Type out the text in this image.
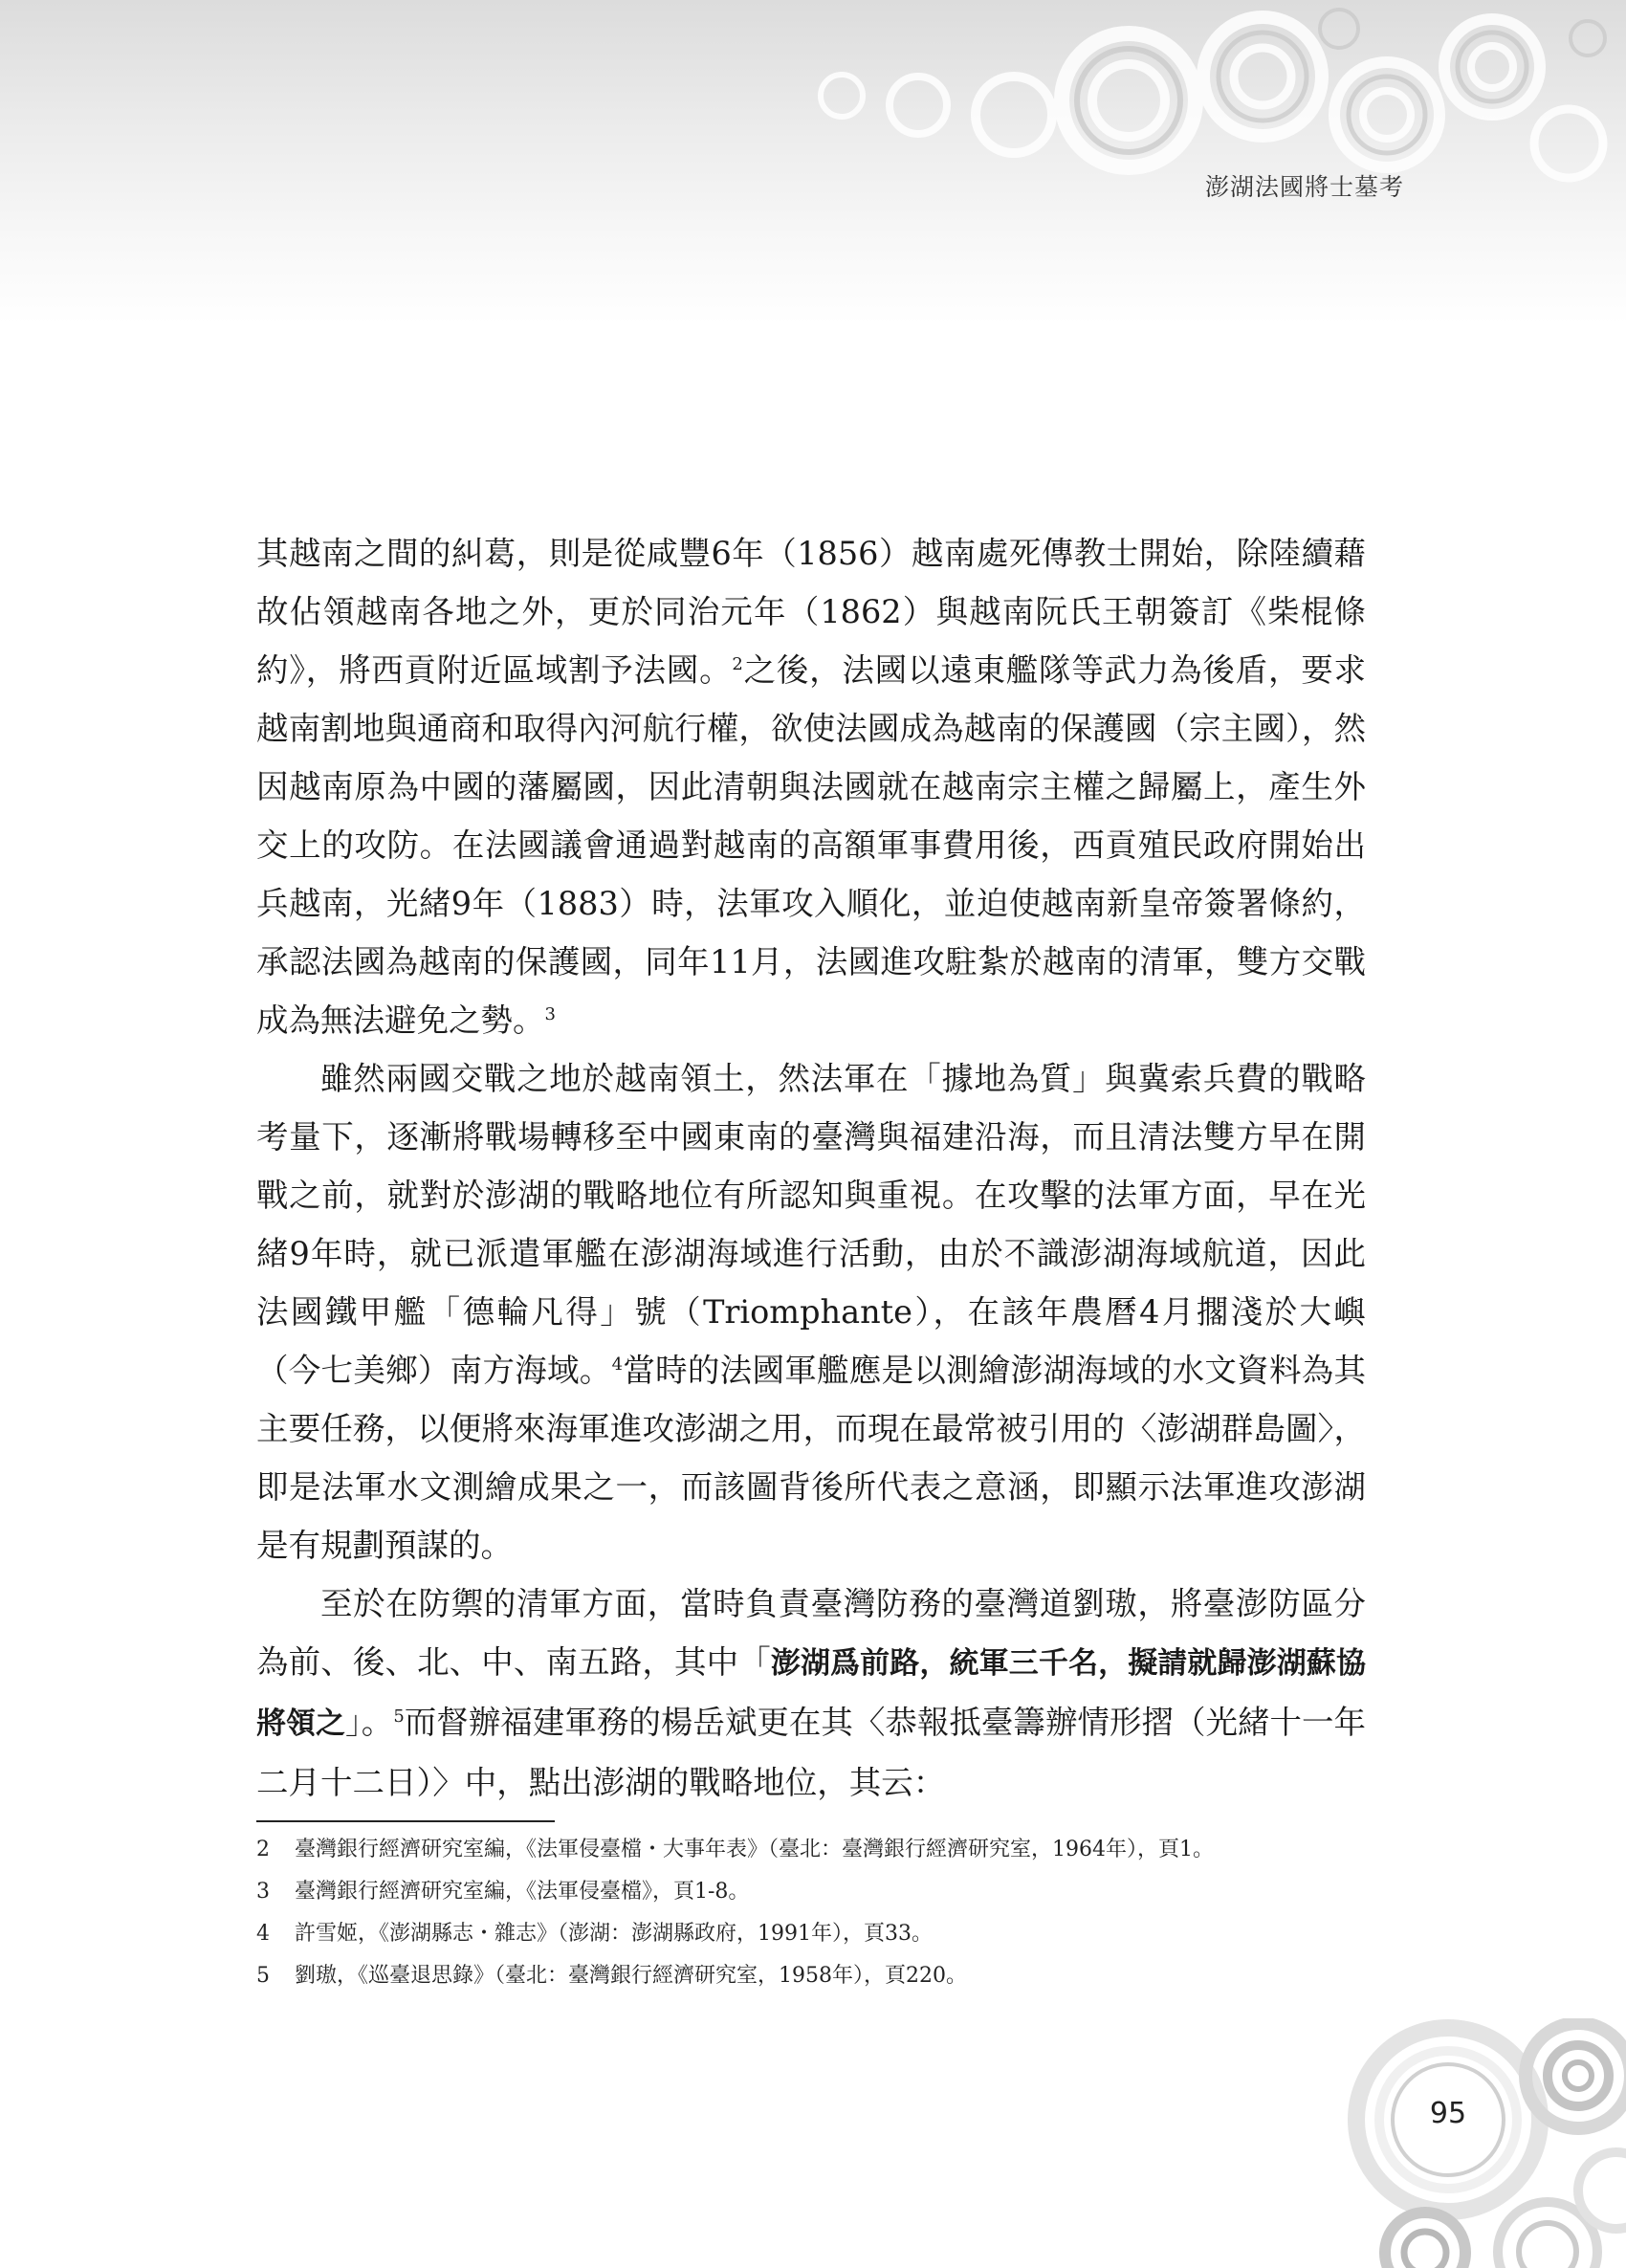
澎湖法國將士墓考

其越南之間的糾葛，則是從咸豐6年（1856）越南處死傳教士開始，除陸續藉故佔領越南各地之外，更於同治元年（1862）與越南阮氏王朝簽訂《柴棍條約》，將西貢附近區域割予法國。$^2$之後，法國以遠東艦隊等武力為後盾，要求越南割地與通商和取得內河航行權，欲使法國成為越南的保護國（宗主國），然因越南原為中國的藩屬國，因此清朝與法國就在越南宗主權之歸屬上，產生外交上的攻防。在法國議會通過對越南的高額軍事費用後，西貢殖民政府開始出兵越南，光緒9年（1883）時，法軍攻入順化，並迫使越南新皇帝簽署條約，承認法國為越南的保護國，同年11月，法國進攻駐紮於越南的清軍，雙方交戰成為無法避免之勢。$^3$

雖然兩國交戰之地於越南領土，然法軍在「據地為質」與冀索兵費的戰略考量下，逐漸將戰場轉移至中國東南的臺灣與福建沿海，而且清法雙方早在開戰之前，就對於澎湖的戰略地位有所認知與重視。在攻擊的法軍方面，早在光緒9年時，就已派遣軍艦在澎湖海域進行活動，由於不識澎湖海域航道，因此法國鐵甲艦「德輪凡得」號（Triomphante），在該年農曆4月擱淺於大嶼（今七美鄉）南方海域。$^4$當時的法國軍艦應是以測繪澎湖海域的水文資料為其主要任務，以便將來海軍進攻澎湖之用，而現在最常被引用的〈澎湖群島圖〉，即是法軍水文測繪成果之一，而該圖背後所代表之意涵，即顯示法軍進攻澎湖是有規劃預謀的。

至於在防禦的清軍方面，當時負責臺灣防務的臺灣道劉璈，將臺澎防區分為前、後、北、中、南五路，其中「澎湖爲前路，統軍三千名，擬請就歸澎湖蘇協將領之」。$^5$而督辦福建軍務的楊岳斌更在其〈恭報抵臺籌辦情形摺（光緒十一年二月十二日）〉中，點出澎湖的戰略地位，其云：

2	臺灣銀行經濟研究室編，《法軍侵臺檔・大事年表》（臺北：臺灣銀行經濟研究室，1964年），頁1。
3	臺灣銀行經濟研究室編，《法軍侵臺檔》，頁1-8。
4	許雪姬，《澎湖縣志・雜志》（澎湖：澎湖縣政府，1991年），頁33。
5	劉璈，《巡臺退思錄》（臺北：臺灣銀行經濟研究室，1958年），頁220。
95
